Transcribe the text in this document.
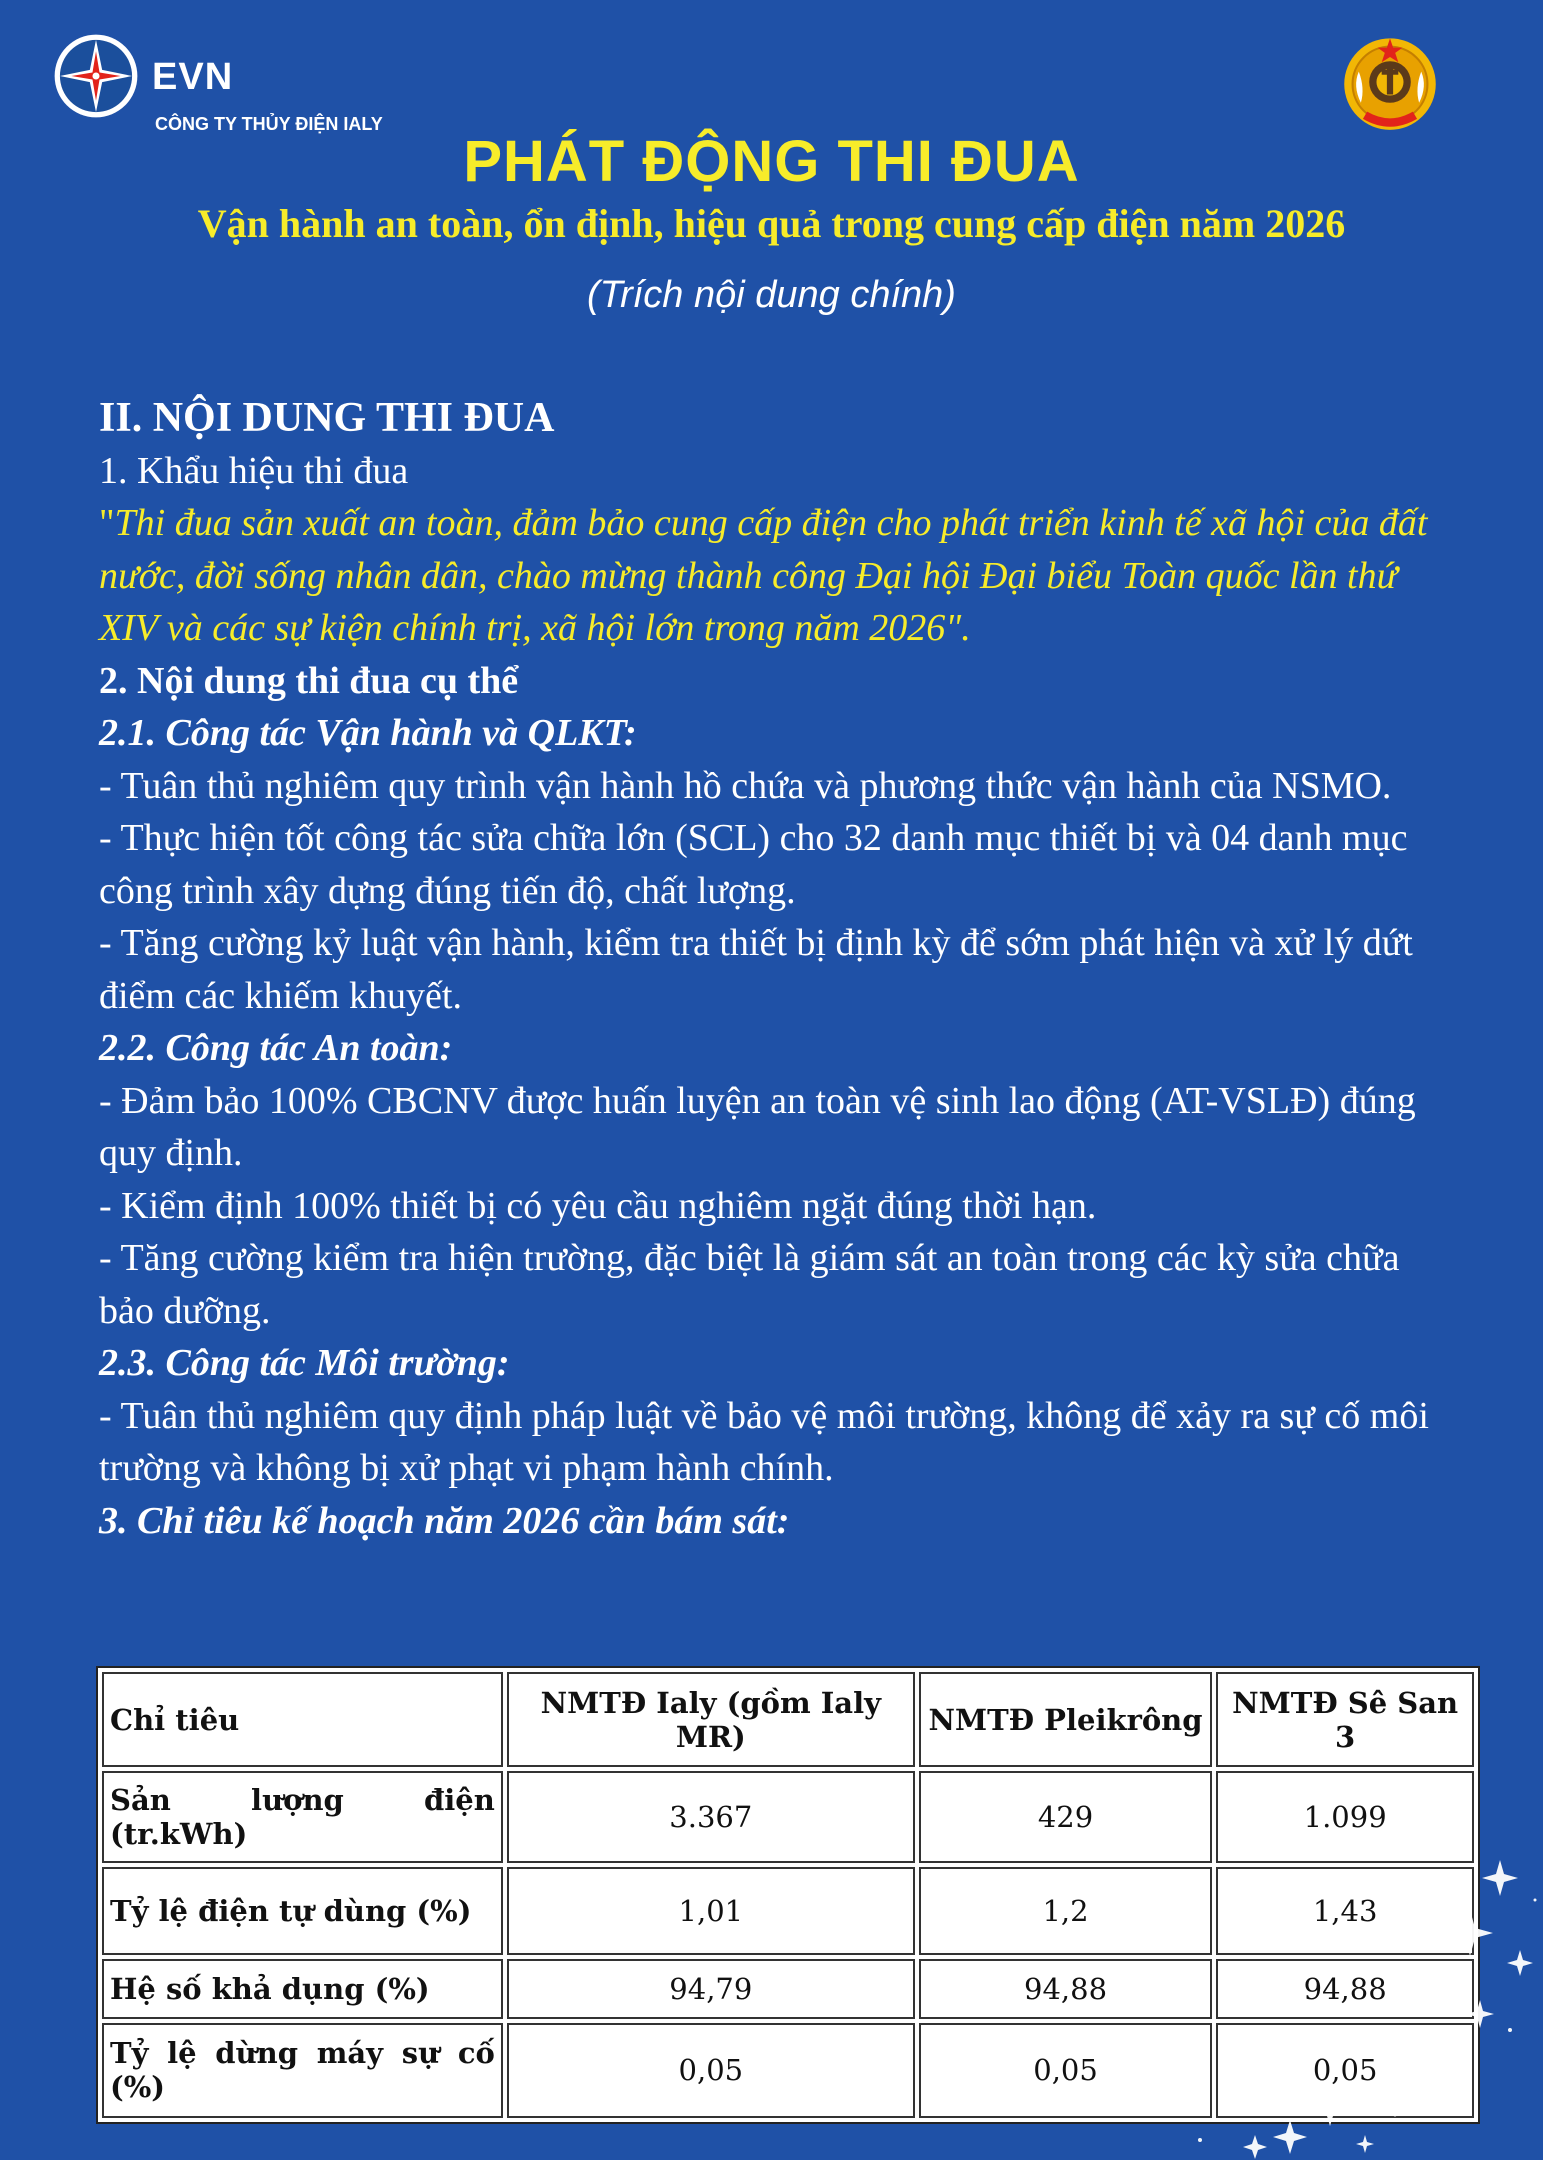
EVN
CÔNG TY THỦY ĐIỆN IALY
PHÁT ĐỘNG THI ĐUA
Vận hành an toàn, ổn định, hiệu quả trong cung cấp điện năm 2026
(Trích nội dung chính)

II. NỘI DUNG THI ĐUA

1. Khẩu hiệu thi đua

"Thi đua sản xuất an toàn, đảm bảo cung cấp điện cho phát triển kinh tế xã hội của đất nước, đời sống nhân dân, chào mừng thành công Đại hội Đại biểu Toàn quốc lần thứ XIV và các sự kiện chính trị, xã hội lớn trong năm 2026".

2. Nội dung thi đua cụ thể

2.1. Công tác Vận hành và QLKT:

- Tuân thủ nghiêm quy trình vận hành hồ chứa và phương thức vận hành của NSMO.

- Thực hiện tốt công tác sửa chữa lớn (SCL) cho 32 danh mục thiết bị và 04 danh mục công trình xây dựng đúng tiến độ, chất lượng.

- Tăng cường kỷ luật vận hành, kiểm tra thiết bị định kỳ để sớm phát hiện và xử lý dứt điểm các khiếm khuyết.

2.2. Công tác An toàn:

- Đảm bảo 100% CBCNV được huấn luyện an toàn vệ sinh lao động (AT-VSLĐ) đúng quy định.

- Kiểm định 100% thiết bị có yêu cầu nghiêm ngặt đúng thời hạn.

- Tăng cường kiểm tra hiện trường, đặc biệt là giám sát an toàn trong các kỳ sửa chữa bảo dưỡng.

2.3. Công tác Môi trường:

- Tuân thủ nghiêm quy định pháp luật về bảo vệ môi trường, không để xảy ra sự cố môi trường và không bị xử phạt vi phạm hành chính.

3. Chỉ tiêu kế hoạch năm 2026 cần bám sát:

Chỉ tiêu	NMTĐ Ialy (gồm Ialy MR)	NMTĐ Pleikrông	NMTĐ Sê San 3
Sản lượng điện (tr.kWh)	3.367	429	1.099
Tỷ lệ điện tự dùng (%)	1,01	1,2	1,43
Hệ số khả dụng (%)	94,79	94,88	94,88
Tỷ lệ dừng máy sự cố (%)	0,05	0,05	0,05
